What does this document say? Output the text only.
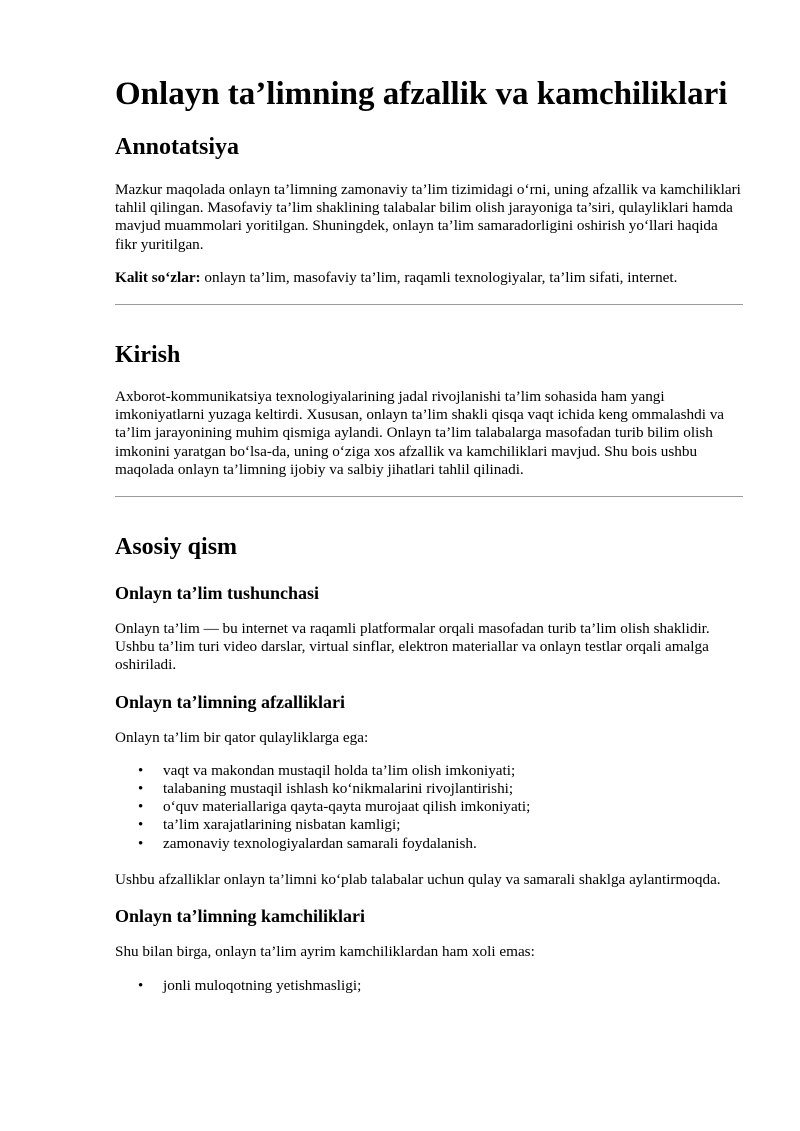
Onlayn ta’limning afzallik va kamchiliklari
Annotatsiya

Mazkur maqolada onlayn ta’limning zamonaviy ta’lim tizimidagi o‘rni, uning afzallik va kamchiliklari tahlil qilingan. Masofaviy ta’lim shaklining talabalar bilim olish jarayoniga ta’siri, qulayliklari hamda mavjud muammolari yoritilgan. Shuningdek, onlayn ta’lim samaradorligini oshirish yo‘llari haqida fikr yuritilgan.

Kalit so‘zlar: onlayn ta’lim, masofaviy ta’lim, raqamli texnologiyalar, ta’lim sifati, internet.

Kirish

Axborot-kommunikatsiya texnologiyalarining jadal rivojlanishi ta’lim sohasida ham yangi imkoniyatlarni yuzaga keltirdi. Xususan, onlayn ta’lim shakli qisqa vaqt ichida keng ommalashdi va ta’lim jarayonining muhim qismiga aylandi. Onlayn ta’lim talabalarga masofadan turib bilim olish imkonini yaratgan bo‘lsa-da, uning o‘ziga xos afzallik va kamchiliklari mavjud. Shu bois ushbu maqolada onlayn ta’limning ijobiy va salbiy jihatlari tahlil qilinadi.

Asosiy qism
Onlayn ta’lim tushunchasi

Onlayn ta’lim — bu internet va raqamli platformalar orqali masofadan turib ta’lim olish shaklidir. Ushbu ta’lim turi video darslar, virtual sinflar, elektron materiallar va onlayn testlar orqali amalga oshiriladi.

Onlayn ta’limning afzalliklari

Onlayn ta’lim bir qator qulayliklarga ega:

• vaqt va makondan mustaqil holda ta’lim olish imkoniyati;
• talabaning mustaqil ishlash ko‘nikmalarini rivojlantirishi;
• o‘quv materiallariga qayta-qayta murojaat qilish imkoniyati;
• ta’lim xarajatlarining nisbatan kamligi;
• zamonaviy texnologiyalardan samarali foydalanish.

Ushbu afzalliklar onlayn ta’limni ko‘plab talabalar uchun qulay va samarali shaklga aylantirmoqda.

Onlayn ta’limning kamchiliklari

Shu bilan birga, onlayn ta’lim ayrim kamchiliklardan ham xoli emas:

• jonli muloqotning yetishmasligi;
